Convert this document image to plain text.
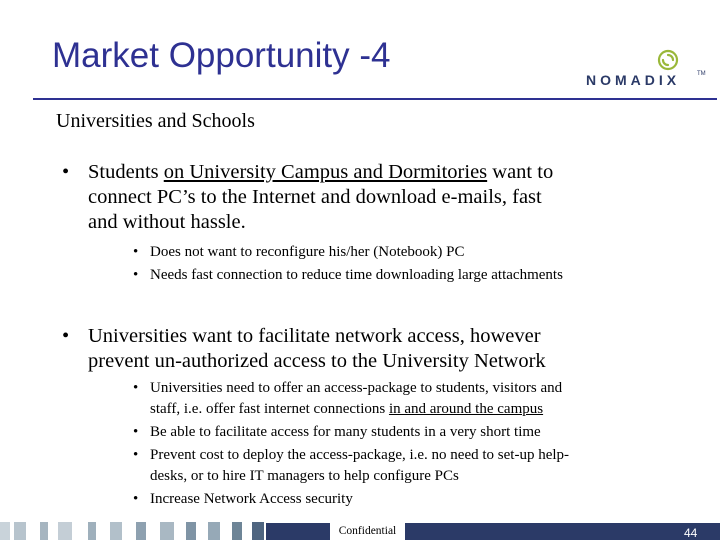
Market Opportunity -4
NOMADIX	TM
Universities and Schools
• Students on University Campus and Dormitories want to
connect PC’s to the Internet and download e-mails, fast
and without hassle.
• Does not want to reconfigure his/her (Notebook) PC
• Needs fast connection to reduce time downloading large attachments
• Universities want to facilitate network access, however
prevent un-authorized access to the University Network
• Universities need to offer an access-package to students, visitors and
staff, i.e. offer fast internet connections in and around the campus
• Be able to facilitate access for many students in a very short time
• Prevent cost to deploy the access-package, i.e. no need to set-up help-
desks, or to hire IT managers to help configure PCs
• Increase Network Access security
Confidential	44
